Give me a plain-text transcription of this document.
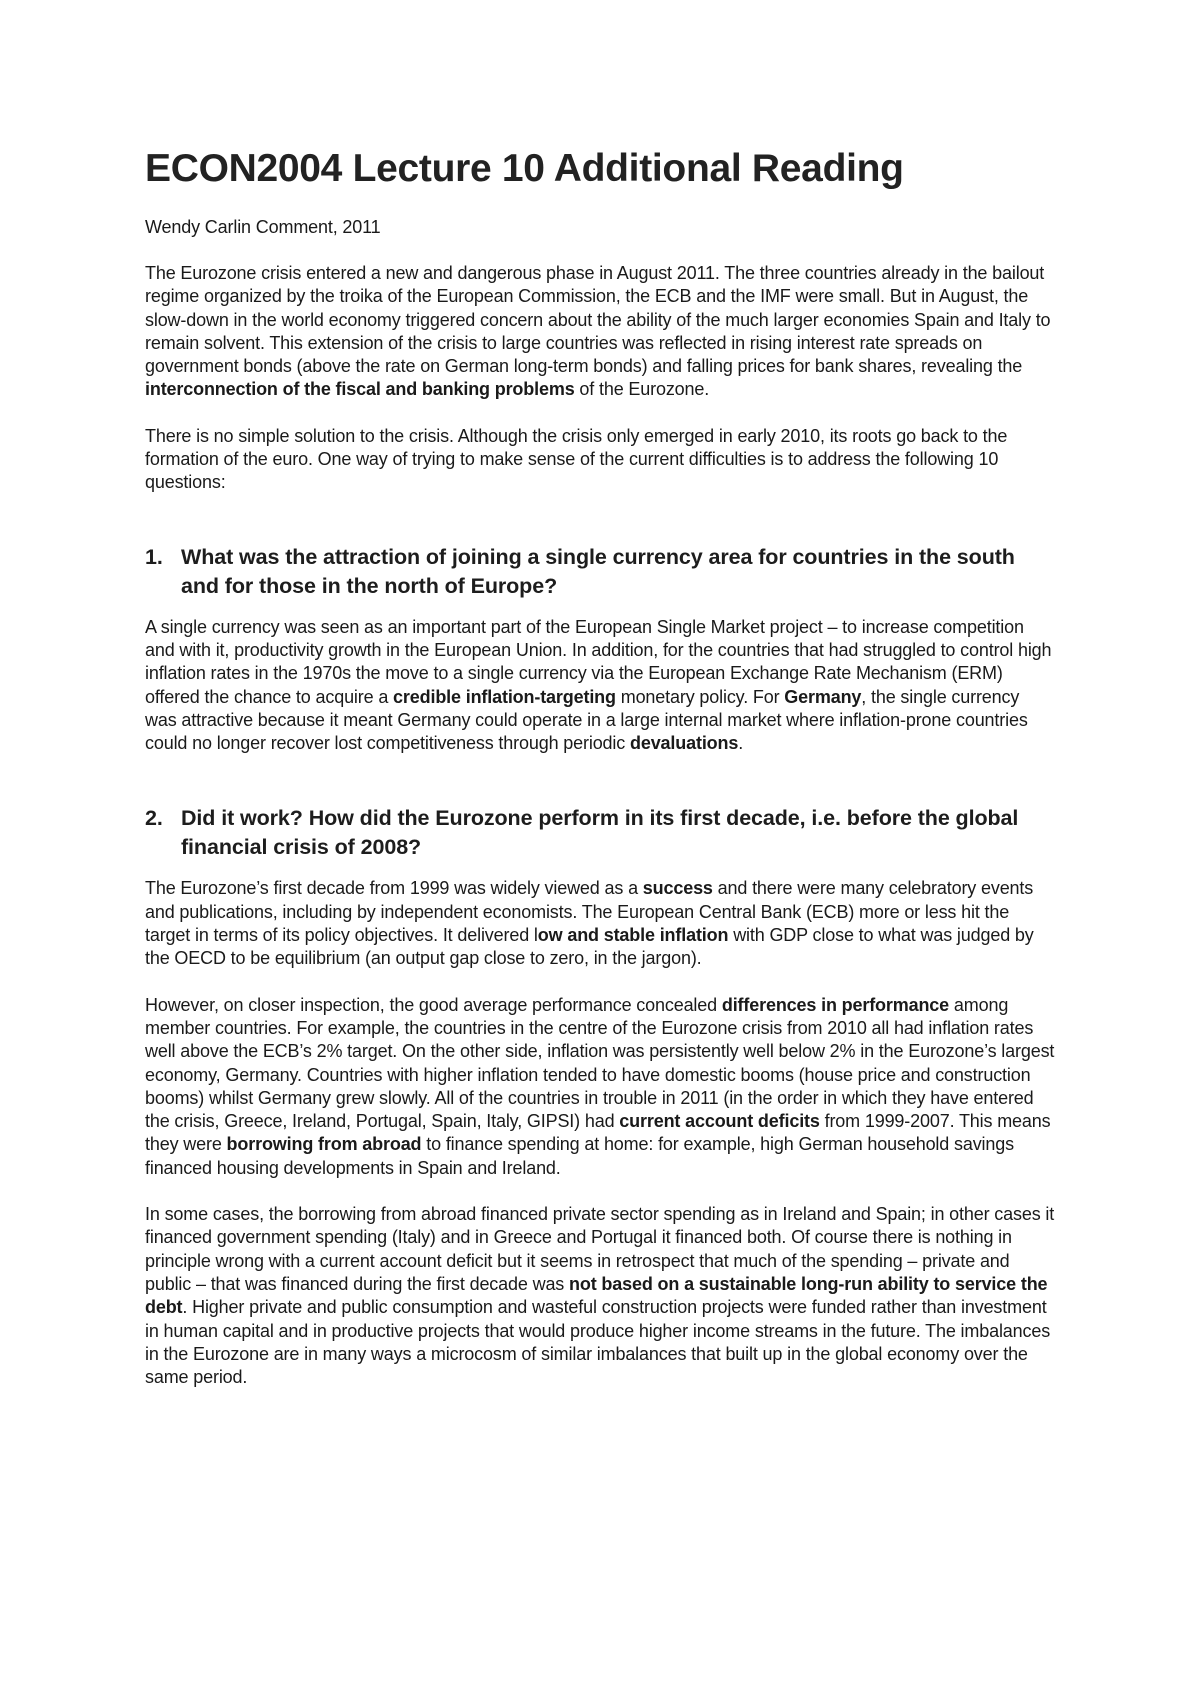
ECON2004 Lecture 10 Additional Reading

Wendy Carlin Comment, 2011

The Eurozone crisis entered a new and dangerous phase in August 2011. The three countries already in the bailout regime organized by the troika of the European Commission, the ECB and the IMF were small. But in August, the slow-down in the world economy triggered concern about the ability of the much larger economies Spain and Italy to remain solvent. This extension of the crisis to large countries was reflected in rising interest rate spreads on government bonds (above the rate on German long-term bonds) and falling prices for bank shares, revealing the interconnection of the fiscal and banking problems of the Eurozone.

There is no simple solution to the crisis. Although the crisis only emerged in early 2010, its roots go back to the formation of the euro. One way of trying to make sense of the current difficulties is to address the following 10 questions:

1. What was the attraction of joining a single currency area for countries in the south and for those in the north of Europe?

A single currency was seen as an important part of the European Single Market project – to increase competition and with it, productivity growth in the European Union. In addition, for the countries that had struggled to control high inflation rates in the 1970s the move to a single currency via the European Exchange Rate Mechanism (ERM) offered the chance to acquire a credible inflation-targeting monetary policy. For Germany, the single currency was attractive because it meant Germany could operate in a large internal market where inflation-prone countries could no longer recover lost competitiveness through periodic devaluations.

2. Did it work? How did the Eurozone perform in its first decade, i.e. before the global financial crisis of 2008?

The Eurozone’s first decade from 1999 was widely viewed as a success and there were many celebratory events and publications, including by independent economists. The European Central Bank (ECB) more or less hit the target in terms of its policy objectives. It delivered low and stable inflation with GDP close to what was judged by the OECD to be equilibrium (an output gap close to zero, in the jargon).

However, on closer inspection, the good average performance concealed differences in performance among member countries. For example, the countries in the centre of the Eurozone crisis from 2010 all had inflation rates well above the ECB’s 2% target. On the other side, inflation was persistently well below 2% in the Eurozone’s largest economy, Germany. Countries with higher inflation tended to have domestic booms (house price and construction booms) whilst Germany grew slowly. All of the countries in trouble in 2011 (in the order in which they have entered the crisis, Greece, Ireland, Portugal, Spain, Italy, GIPSI) had current account deficits from 1999-2007. This means they were borrowing from abroad to finance spending at home: for example, high German household savings financed housing developments in Spain and Ireland.

In some cases, the borrowing from abroad financed private sector spending as in Ireland and Spain; in other cases it financed government spending (Italy) and in Greece and Portugal it financed both. Of course there is nothing in principle wrong with a current account deficit but it seems in retrospect that much of the spending – private and public – that was financed during the first decade was not based on a sustainable long-run ability to service the debt. Higher private and public consumption and wasteful construction projects were funded rather than investment in human capital and in productive projects that would produce higher income streams in the future. The imbalances in the Eurozone are in many ways a microcosm of similar imbalances that built up in the global economy over the same period.
